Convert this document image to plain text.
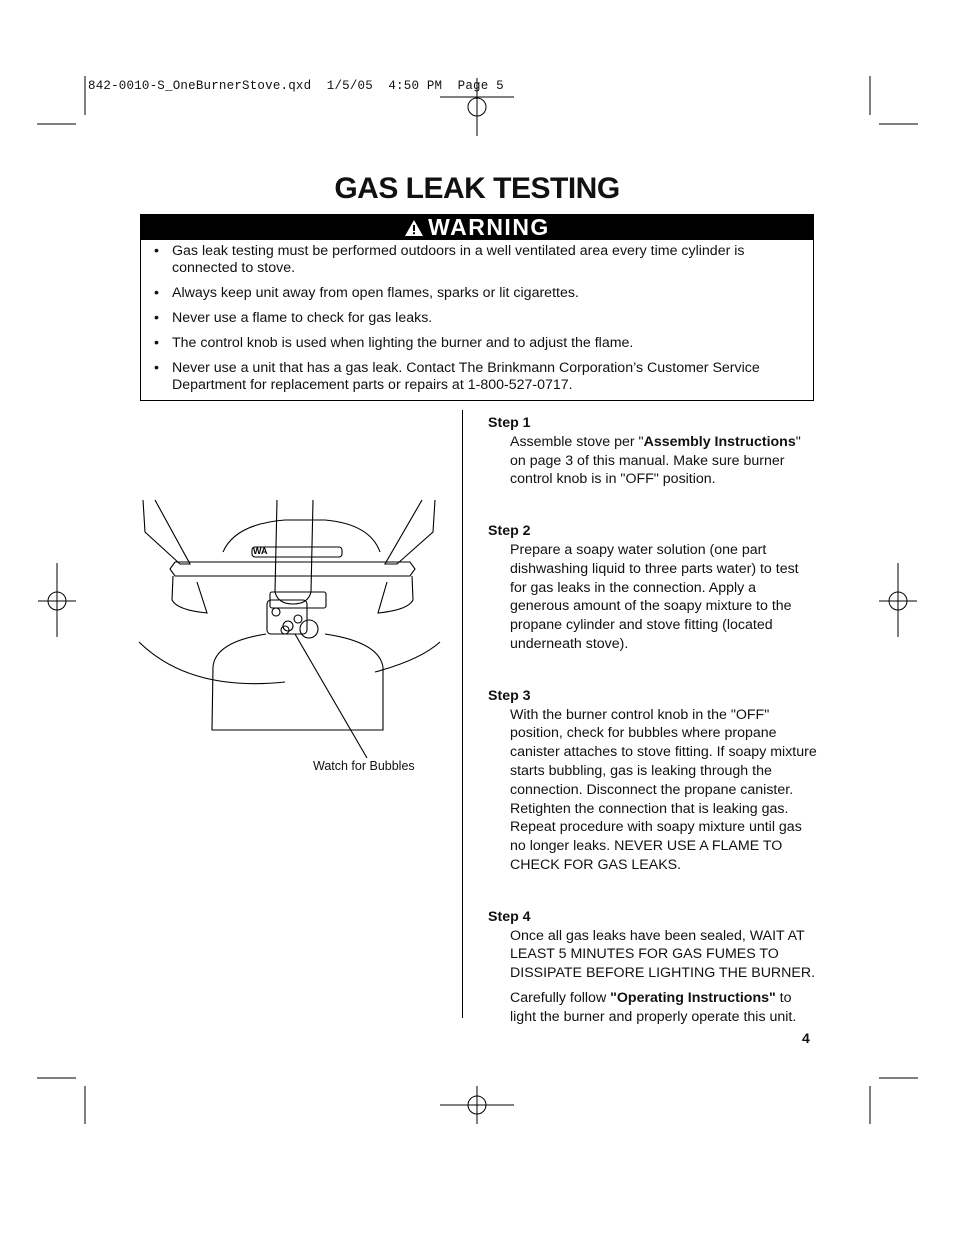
842-0010-S_OneBurnerStove.qxd  1/5/05  4:50 PM  Page 5
GAS LEAK TESTING
WARNING
• Gas leak testing must be performed outdoors in a well ventilated area every time cylinder is connected to stove.
• Always keep unit away from open flames, sparks or lit cigarettes.
• Never use a flame to check for gas leaks.
• The control knob is used when lighting the burner and to adjust the flame.
• Never use a unit that has a gas leak. Contact The Brinkmann Corporation’s Customer Service Department for replacement parts or repairs at 1-800-527-0717.
WA
Watch for Bubbles
Step 1
Assemble stove per "Assembly Instructions" on page 3 of this manual. Make sure burner control knob is in "OFF" position.
Step 2
Prepare a soapy water solution (one part dishwashing liquid to three parts water) to test for gas leaks in the connection. Apply a generous amount of the soapy mixture to the propane cylinder and stove fitting (located underneath stove).
Step 3
With the burner control knob in the "OFF" position, check for bubbles where propane canister attaches to stove fitting. If soapy mixture starts bubbling, gas is leaking through the connection. Disconnect the propane canister. Retighten the connection that is leaking gas. Repeat procedure with soapy mixture until gas no longer leaks. NEVER USE A FLAME TO CHECK FOR GAS LEAKS.
Step 4
Once all gas leaks have been sealed, WAIT AT LEAST 5 MINUTES FOR GAS FUMES TO DISSIPATE BEFORE LIGHTING THE BURNER.
Carefully follow "Operating Instructions" to light the burner and properly operate this unit.
4
